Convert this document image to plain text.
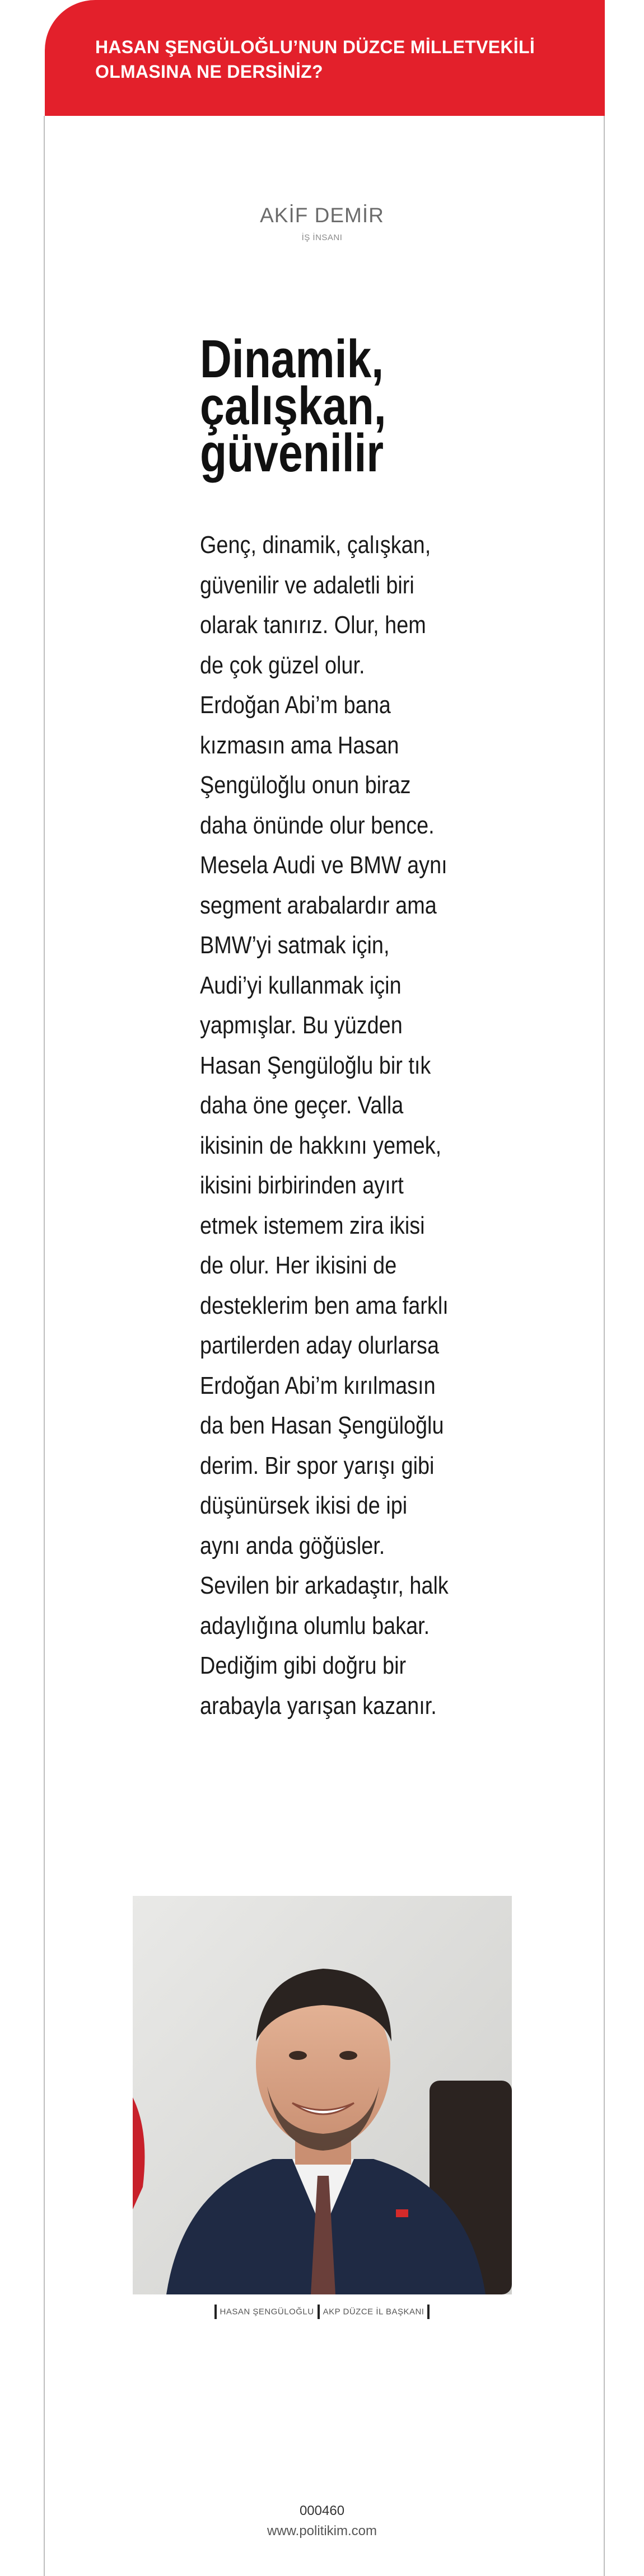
HASAN ŞENGÜLOĞLU’NUN DÜZCE MİLLETVEKİLİ OLMASINA NE DERSİNİZ?
AKİF DEMİR
İŞ İNSANI
Dinamik, çalışkan, güvenilir
Genç, dinamik, çalışkan, güvenilir ve adaletli biri olarak tanırız. Olur, hem de çok güzel olur. Erdoğan Abi’m bana kızmasın ama Hasan Şengüloğlu onun biraz daha önünde olur bence. Mesela Audi ve BMW aynı segment arabalardır ama BMW’yi satmak için, Audi’yi kullanmak için yapmışlar. Bu yüzden Hasan Şengüloğlu bir tık daha öne geçer. Valla ikisinin de hakkını yemek, ikisini birbirinden ayırt etmek istemem zira ikisi de olur. Her ikisini de desteklerim ben ama farklı partilerden aday olurlarsa Erdoğan Abi’m kırılmasın da ben Hasan Şengüloğlu derim. Bir spor yarışı gibi düşünürsek ikisi de ipi aynı anda göğüsler. Sevilen bir arkadaştır, halk adaylığına olumlu bakar. Dediğim gibi doğru bir arabayla yarışan kazanır.
HASAN ŞENGÜLOĞLU AKP DÜZCE İL BAŞKANI
000460
www.politikim.com
